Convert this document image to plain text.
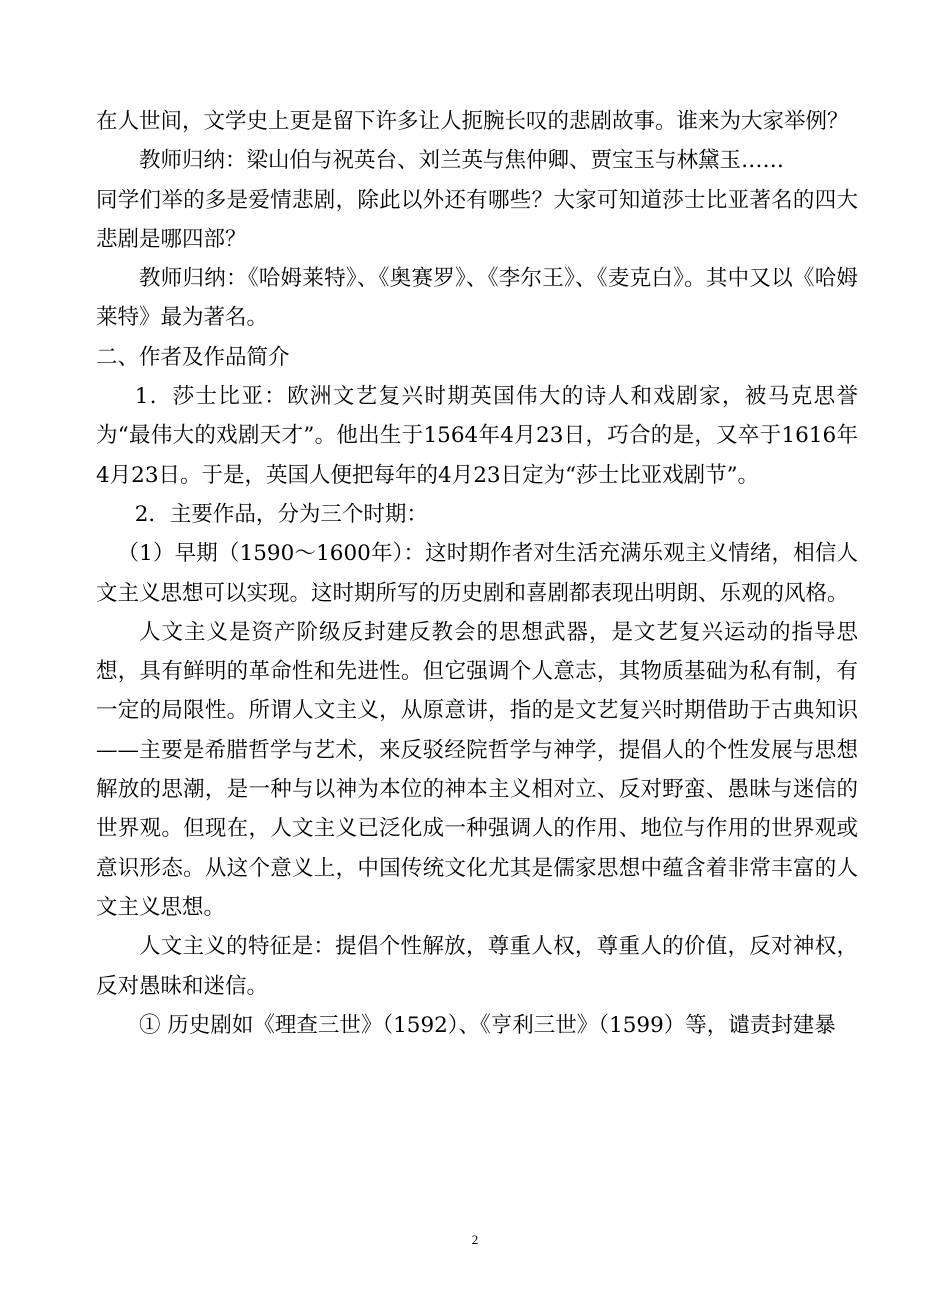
在人世间，文学史上更是留下许多让人扼腕长叹的悲剧故事。谁来为大家举例？

教师归纳：梁山伯与祝英台、刘兰英与焦仲卿、贾宝玉与林黛玉……

同学们举的多是爱情悲剧，除此以外还有哪些？大家可知道莎士比亚著名的四大悲剧是哪四部？

教师归纳：《哈姆莱特》、《奥赛罗》、《李尔王》、《麦克白》。其中又以《哈姆莱特》最为著名。

二、作者及作品简介

1．莎士比亚：欧洲文艺复兴时期英国伟大的诗人和戏剧家，被马克思誉为“最伟大的戏剧天才”。他出生于1564年4月23日，巧合的是，又卒于1616年4月23日。于是，英国人便把每年的4月23日定为“莎士比亚戏剧节”。

2．主要作品，分为三个时期：

（1）早期（1590～1600年）：这时期作者对生活充满乐观主义情绪，相信人文主义思想可以实现。这时期所写的历史剧和喜剧都表现出明朗、乐观的风格。

人文主义是资产阶级反封建反教会的思想武器，是文艺复兴运动的指导思想，具有鲜明的革命性和先进性。但它强调个人意志，其物质基础为私有制，有一定的局限性。所谓人文主义，从原意讲，指的是文艺复兴时期借助于古典知识——主要是希腊哲学与艺术，来反驳经院哲学与神学，提倡人的个性发展与思想解放的思潮，是一种与以神为本位的神本主义相对立、反对野蛮、愚昧与迷信的世界观。但现在，人文主义已泛化成一种强调人的作用、地位与作用的世界观或意识形态。从这个意义上，中国传统文化尤其是儒家思想中蕴含着非常丰富的人文主义思想。

人文主义的特征是：提倡个性解放，尊重人权，尊重人的价值，反对神权，反对愚昧和迷信。

① 历史剧如《理查三世》（1592）、《亨利三世》（1599）等，谴责封建暴

2
